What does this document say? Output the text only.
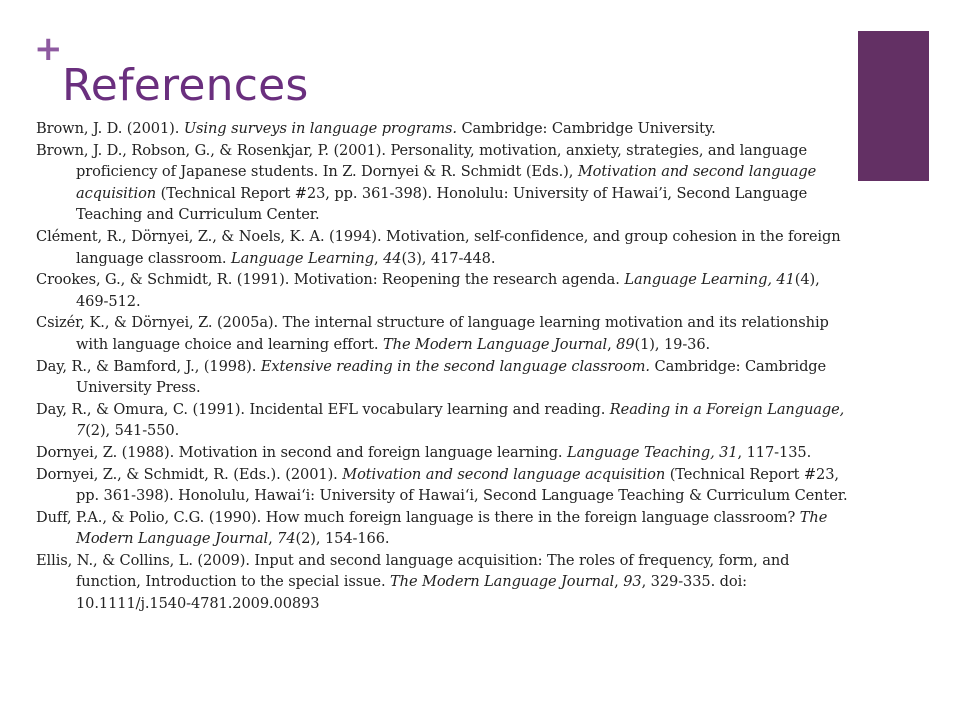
+
References

Brown, J. D. (2001). Using surveys in language programs. Cambridge: Cambridge University.

Brown, J. D., Robson, G., & Rosenkjar, P. (2001). Personality, motivation, anxiety, strategies, and language proficiency of Japanese students. In Z. Dornyei & R. Schmidt (Eds.), Motivation and second language acquisition (Technical Report #23, pp. 361-398). Honolulu: University of Hawai’i, Second Language Teaching and Curriculum Center.

Clément, R., Dörnyei, Z., & Noels, K. A. (1994). Motivation, self-confidence, and group cohesion in the foreign language classroom. Language Learning, 44(3), 417-448.

Crookes, G., & Schmidt, R. (1991). Motivation: Reopening the research agenda. Language Learning, 41(4), 469-512.

Csizér, K., & Dörnyei, Z. (2005a). The internal structure of language learning motivation and its relationship with language choice and learning effort. The Modern Language Journal, 89(1), 19-36.

Day, R., & Bamford, J., (1998). Extensive reading in the second language classroom. Cambridge: Cambridge University Press.

Day, R., & Omura, C. (1991). Incidental EFL vocabulary learning and reading. Reading in a Foreign Language, 7(2), 541-550.

Dornyei, Z. (1988). Motivation in second and foreign language learning. Language Teaching, 31, 117-135.

Dornyei, Z., & Schmidt, R. (Eds.). (2001). Motivation and second language acquisition (Technical Report #23, pp. 361-398). Honolulu, Hawai‘i: University of Hawai‘i, Second Language Teaching & Curriculum Center.

Duff, P.A., & Polio, C.G. (1990). How much foreign language is there in the foreign language classroom? The Modern Language Journal, 74(2), 154-166.

Ellis, N., & Collins, L. (2009). Input and second language acquisition: The roles of frequency, form, and function, Introduction to the special issue. The Modern Language Journal, 93, 329-335. doi: 10.1111/j.1540-4781.2009.00893
